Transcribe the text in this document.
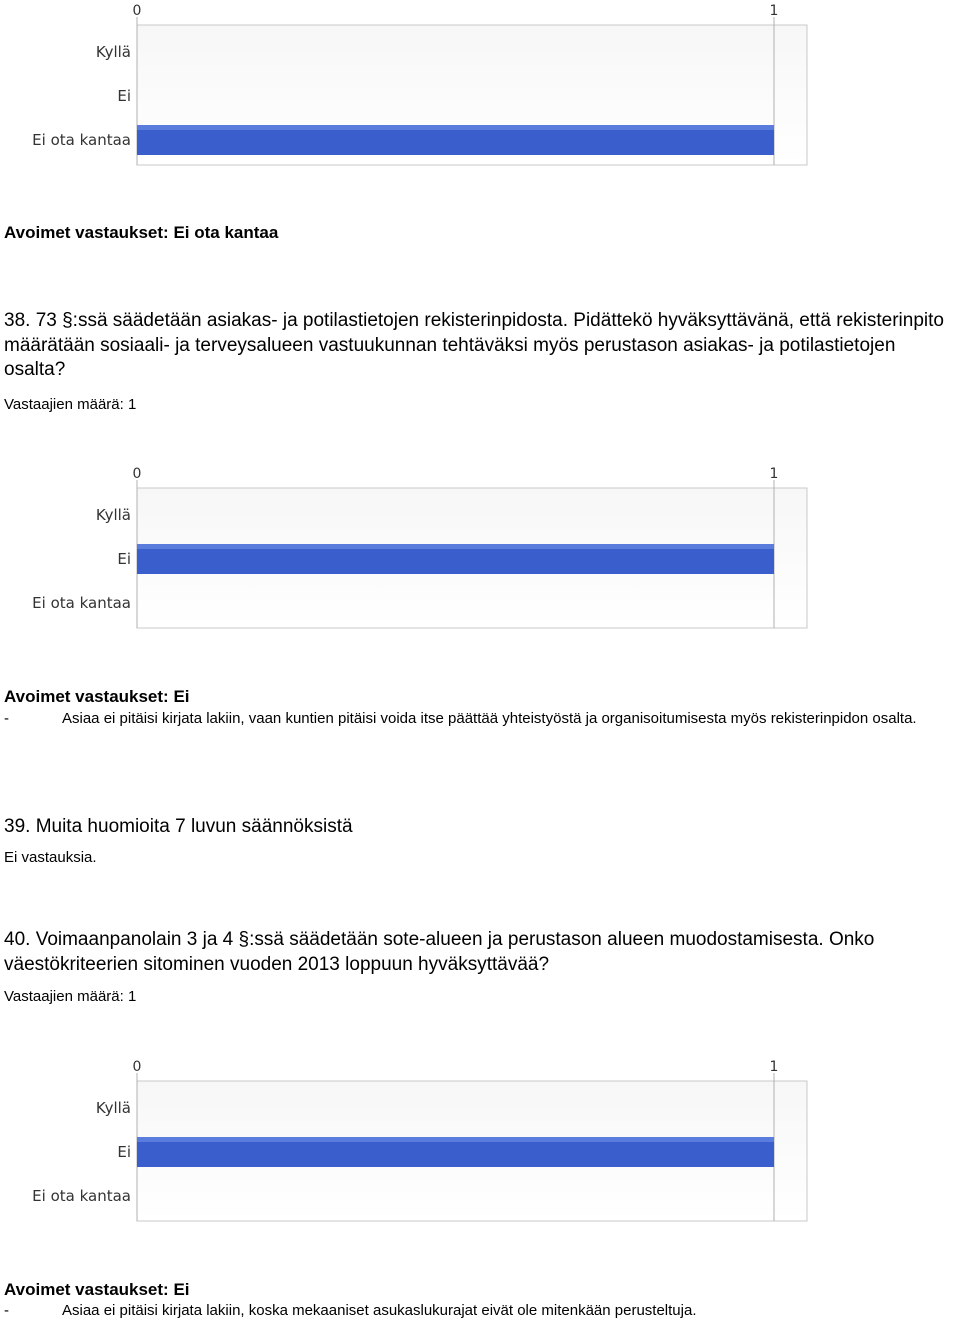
0	1
Kyllä
Ei
Ei ota kantaa
Avoimet vastaukset: Ei ota kantaa
38. 73 §:ssä säädetään asiakas- ja potilastietojen rekisterinpidosta. Pidättekö hyväksyttävänä, että rekisterinpito määrätään sosiaali- ja terveysalueen vastuukunnan tehtäväksi myös perustason asiakas- ja potilastietojen osalta?
Vastaajien määrä: 1
0	1
Kyllä
Ei
Ei ota kantaa
Avoimet vastaukset: Ei
-	Asiaa ei pitäisi kirjata lakiin, vaan kuntien pitäisi voida itse päättää yhteistyöstä ja organisoitumisesta myös rekisterinpidon osalta.
39. Muita huomioita 7 luvun säännöksistä
Ei vastauksia.
40. Voimaanpanolain 3 ja 4 §:ssä säädetään sote-alueen ja perustason alueen muodostamisesta. Onko väestökriteerien sitominen vuoden 2013 loppuun hyväksyttävää?
Vastaajien määrä: 1
0	1
Kyllä
Ei
Ei ota kantaa
Avoimet vastaukset: Ei
-	Asiaa ei pitäisi kirjata lakiin, koska mekaaniset asukaslukurajat eivät ole mitenkään perusteltuja.
